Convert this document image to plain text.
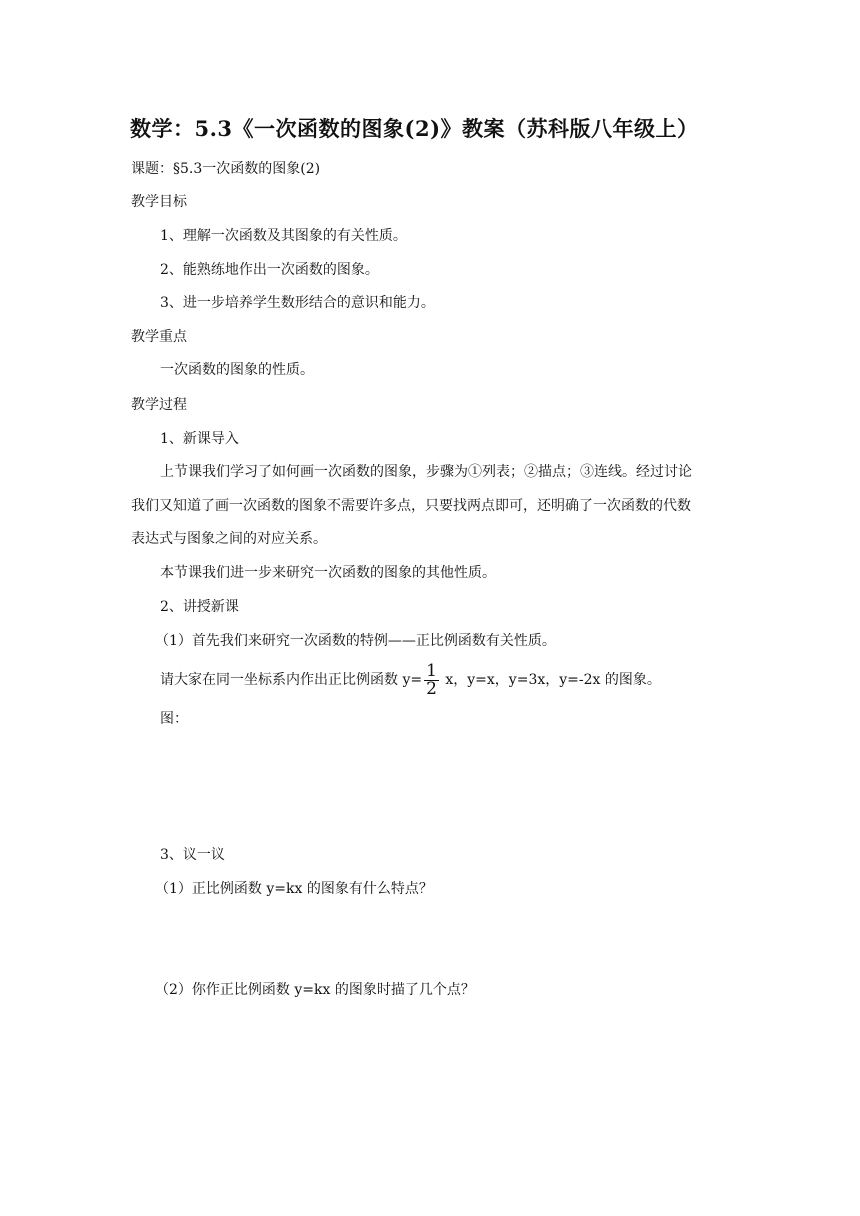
数学：5.3《一次函数的图象(2)》教案（苏科版八年级上）
课题：§5.3一次函数的图象(2)
教学目标
1、理解一次函数及其图象的有关性质。
2、能熟练地作出一次函数的图象。
3、进一步培养学生数形结合的意识和能力。
教学重点
一次函数的图象的性质。
教学过程
1、新课导入
上节课我们学习了如何画一次函数的图象，步骤为①列表；②描点；③连线。经过讨论
我们又知道了画一次函数的图象不需要许多点，只要找两点即可，还明确了一次函数的代数
表达式与图象之间的对应关系。
本节课我们进一步来研究一次函数的图象的其他性质。
2、讲授新课
（1）首先我们来研究一次函数的特例——正比例函数有关性质。
请大家在同一坐标系内作出正比例函数 $y= \frac{1}{2}$ x，y=x，y=3x，y=-2x 的图象。
图：
3、议一议
（1）正比例函数 y=kx 的图象有什么特点？
（2）你作正比例函数 y=kx 的图象时描了几个点？
